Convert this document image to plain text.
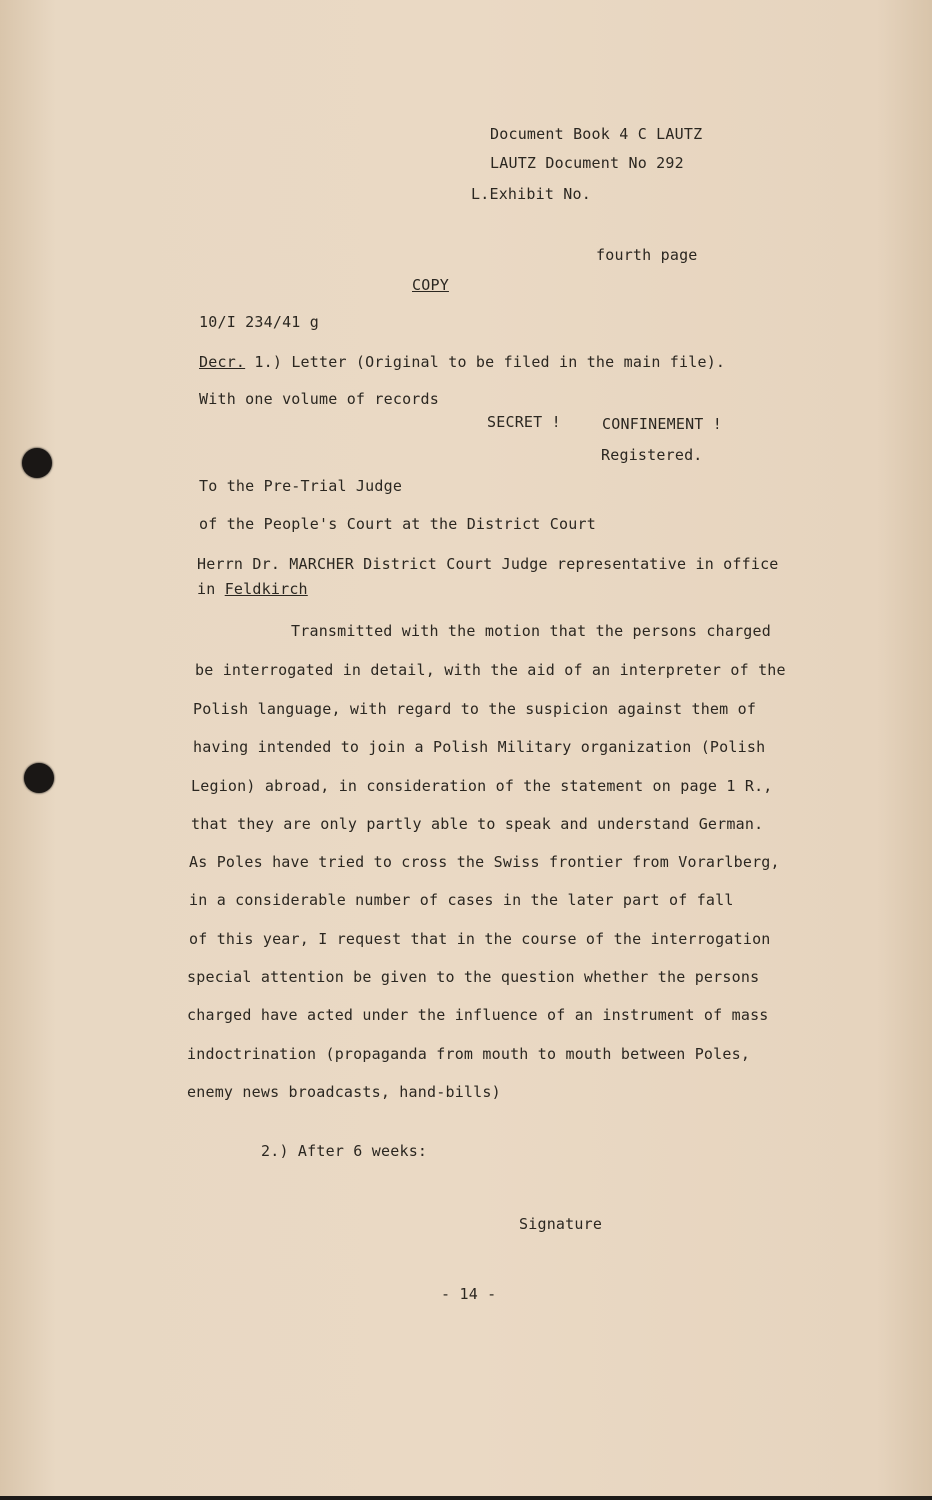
Document Book 4 C LAUTZ
LAUTZ Document No 292
L.Exhibit No.
fourth page
COPY
10/I 234/41 g
Decr. 1.) Letter (Original to be filed in the main file).
With one volume of records
SECRET !	CONFINEMENT !
Registered.
To the Pre-Trial Judge
of the People's Court at the District Court
Herrn Dr. MARCHER District Court Judge representative in office
in Feldkirch
Transmitted with the motion that the persons charged
be interrogated in detail, with the aid of an interpreter of the
Polish language, with regard to the suspicion against them of
having intended to join a Polish Military organization (Polish
Legion) abroad, in consideration of the statement on page 1 R.,
that they are only partly able to speak and understand German.
As Poles have tried to cross the Swiss frontier from Vorarlberg,
in a considerable number of cases in the later part of fall
of this year, I request that in the course of the interrogation
special attention be given to the question whether the persons
charged have acted under the influence of an instrument of mass
indoctrination (propaganda from mouth to mouth between Poles,
enemy news broadcasts, hand-bills)
2.) After 6 weeks:
Signature
- 14 -
